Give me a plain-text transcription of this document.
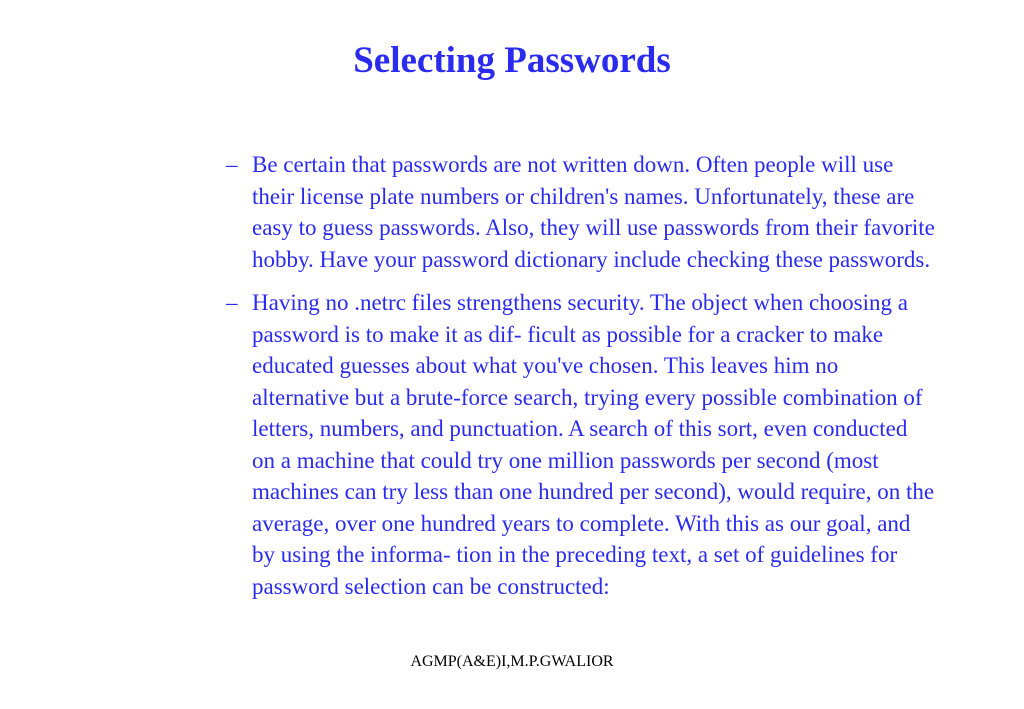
Selecting Passwords
– Be certain that passwords are not written down. Often people will use their license plate numbers or children's names. Unfortunately, these are easy to guess passwords. Also, they will use passwords from their favorite hobby. Have your password dictionary include checking these passwords.
– Having no .netrc files strengthens security. The object when choosing a password is to make it as dif- ficult as possible for a cracker to make educated guesses about what you've chosen. This leaves him no alternative but a brute-force search, trying every possible combination of letters, numbers, and punctuation. A search of this sort, even conducted on a machine that could try one million passwords per second (most machines can try less than one hundred per second), would require, on the average, over one hundred years to complete. With this as our goal, and by using the informa- tion in the preceding text, a set of guidelines for password selection can be constructed:
AGMP(A&E)I,M.P.GWALIOR
